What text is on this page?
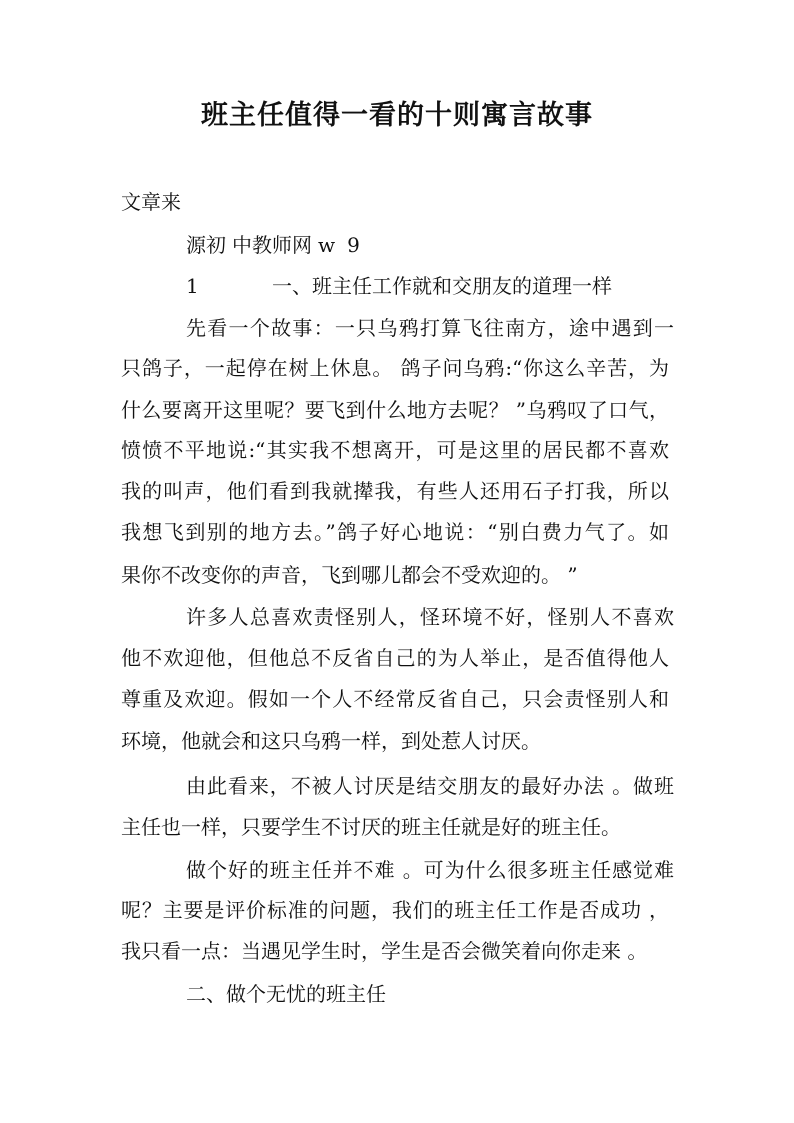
班主任值得一看的十则寓言故事
文章来
源初 中教师网 w 9
1	一、班主任工作就和交朋友的道理一样
先看一个故事：一只乌鸦打算飞往南方，途中遇到一
只鸽子，一起停在树上休息。 鸽子问乌鸦:“你这么辛苦，为
什么要离开这里呢？要飞到什么地方去呢？ ”乌鸦叹了口气，
愤愤不平地说:“其实我不想离开，可是这里的居民都不喜欢
我的叫声，他们看到我就撵我，有些人还用石子打我，所以
我想飞到别的地方去。”鸽子好心地说：“别白费力气了。如
果你不改变你的声音，飞到哪儿都会不受欢迎的。 ”
许多人总喜欢责怪别人，怪环境不好，怪别人不喜欢
他不欢迎他，但他总不反省自己的为人举止，是否值得他人
尊重及欢迎。假如一个人不经常反省自己，只会责怪别人和
环境，他就会和这只乌鸦一样，到处惹人讨厌。
由此看来，不被人讨厌是结交朋友的最好办法 。做班
主任也一样，只要学生不讨厌的班主任就是好的班主任。
做个好的班主任并不难 。可为什么很多班主任感觉难
呢？主要是评价标准的问题，我们的班主任工作是否成功 ，
我只看一点：当遇见学生时，学生是否会微笑着向你走来 。
二、做个无忧的班主任
